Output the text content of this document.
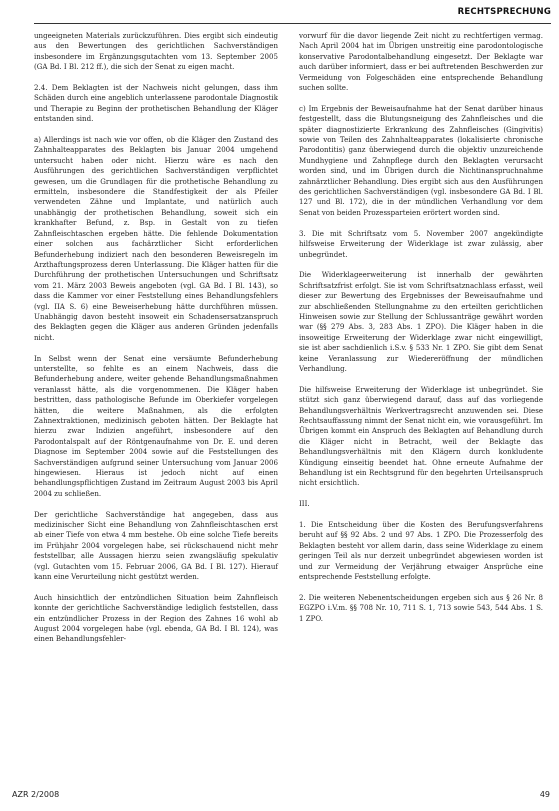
RECHTSPRECHUNG

ungeeigneten Materials zurückzuführen. Dies ergibt sich eindeutig aus den Bewertungen des gerichtlichen Sachverständigen insbesondere im Ergänzungsgutachten vom 13. September 2005 (GA Bd. I Bl. 212 ff.), die sich der Senat zu eigen macht.

2.4. Dem Beklagten ist der Nachweis nicht gelungen, dass ihm Schäden durch eine angeblich unterlassene parodontale Diagnostik und Therapie zu Beginn der prothetischen Behandlung der Kläger entstanden sind.

a) Allerdings ist nach wie vor offen, ob die Kläger den Zustand des Zahnhalteapparates des Beklagten bis Januar 2004 umgehend untersucht haben oder nicht. Hierzu wäre es nach den Ausführungen des gerichtlichen Sachverständigen verpflichtet gewesen, um die Grundlagen für die prothetische Behandlung zu ermitteln, insbesondere die Standfestigkeit der als Pfeiler verwendeten Zähne und Implantate, und natürlich auch unabhängig der prothetischen Behandlung, soweit sich ein krankhafter Befund, z. Bsp. in Gestalt von zu tiefen Zahnfleischtaschen ergeben hätte. Die fehlende Dokumentation einer solchen aus fachärztlicher Sicht erforderlichen Befunderhebung indiziert nach den besonderen Beweisregeln im Arzthaftungsprozess deren Unterlassung. Die Kläger hatten für die Durchführung der prothetischen Untersuchungen und Schriftsatz vom 21. März 2003 Beweis angeboten (vgl. GA Bd. I Bl. 143), so dass die Kammer vor einer Feststellung eines Behandlungsfehlers (vgl. IIA S. 6) eine Beweiserhebung hätte durchführen müssen. Unabhängig davon besteht insoweit ein Schadensersatzanspruch des Beklagten gegen die Kläger aus anderen Gründen jedenfalls nicht.

In Selbst wenn der Senat eine versäumte Befunderhebung unterstellte, so fehlte es an einem Nachweis, dass die Befunderhebung andere, weiter gehende Behandlungsmaßnahmen veranlasst hätte, als die vorgenommenen. Die Kläger haben bestritten, dass pathologische Befunde im Oberkiefer vorgelegen hätten, die weitere Maßnahmen, als die erfolgten Zahnextraktionen, medizinisch geboten hätten. Der Beklagte hat hierzu zwar Indizien angeführt, insbesondere auf den Parodontalspalt auf der Röntgenaufnahme von Dr. E. und deren Diagnose im September 2004 sowie auf die Feststellungen des Sachverständigen aufgrund seiner Untersuchung vom Januar 2006 hingewiesen. Hieraus ist jedoch nicht auf einen behandlungspflichtigen Zustand im Zeitraum August 2003 bis April 2004 zu schließen.

Der gerichtliche Sachverständige hat angegeben, dass aus medizinischer Sicht eine Behandlung von Zahnfleischtaschen erst ab einer Tiefe von etwa 4 mm bestehe. Ob eine solche Tiefe bereits im Frühjahr 2004 vorgelegen habe, sei rückschauend nicht mehr feststellbar, alle Aussagen hierzu seien zwangsläufig spekulativ (vgl. Gutachten vom 15. Februar 2006, GA Bd. I Bl. 127). Hierauf kann eine Verurteilung nicht gestützt werden.

Auch hinsichtlich der entzündlichen Situation beim Zahnfleisch konnte der gerichtliche Sachverständige lediglich feststellen, dass ein entzündlicher Prozess in der Region des Zahnes 16 wohl ab August 2004 vorgelegen habe (vgl. ebenda, GA Bd. I Bl. 124), was einen Behandlungsfehler-

vorwurf für die davor liegende Zeit nicht zu rechtfertigen vermag. Nach April 2004 hat im Übrigen unstreitig eine parodontologische konservative Parodontalbehandlung eingesetzt. Der Beklagte war auch darüber informiert, dass er bei auftretenden Beschwerden zur Vermeidung von Folgeschäden eine entsprechende Behandlung suchen sollte.

c) Im Ergebnis der Beweisaufnahme hat der Senat darüber hinaus festgestellt, dass die Blutungsneigung des Zahnfleisches und die später diagnostizierte Erkrankung des Zahnfleisches (Gingivitis) sowie von Teilen des Zahnhalteapparates (lokalisierte chronische Parodontitis) ganz überwiegend durch die objektiv unzureichende Mundhygiene und Zahnpflege durch den Beklagten verursacht worden sind, und im Übrigen durch die Nichtinanspruchnahme zahnärztlicher Behandlung. Dies ergibt sich aus den Ausführungen des gerichtlichen Sachverständigen (vgl. insbesondere GA Bd. I Bl. 127 und Bl. 172), die in der mündlichen Verhandlung vor dem Senat von beiden Prozessparteien erörtert worden sind.

3. Die mit Schriftsatz vom 5. November 2007 angekündigte hilfsweise Erweiterung der Widerklage ist zwar zulässig, aber unbegründet.

Die Widerklageerweiterung ist innerhalb der gewährten Schriftsatzfrist erfolgt. Sie ist vom Schriftsatznachlass erfasst, weil dieser zur Bewertung des Ergebnisses der Beweisaufnahme und zur abschließenden Stellungnahme zu den erteilten gerichtlichen Hinweisen sowie zur Stellung der Schlussanträge gewährt worden war (§§ 279 Abs. 3, 283 Abs. 1 ZPO). Die Kläger haben in die insoweitige Erweiterung der Widerklage zwar nicht eingewilligt, sie ist aber sachdienlich i.S.v. § 533 Nr. 1 ZPO. Sie gibt dem Senat keine Veranlassung zur Wiedereröffnung der mündlichen Verhandlung.

Die hilfsweise Erweiterung der Widerklage ist unbegründet. Sie stützt sich ganz überwiegend darauf, dass auf das vorliegende Behandlungsverhältnis Werkvertragsrecht anzuwenden sei. Diese Rechtsauffassung nimmt der Senat nicht ein, wie vorausgeführt. Im Übrigen kommt ein Anspruch des Beklagten auf Behandlung durch die Kläger nicht in Betracht, weil der Beklagte das Behandlungsverhältnis mit den Klägern durch konkludente Kündigung einseitig beendet hat. Ohne erneute Aufnahme der Behandlung ist ein Rechtsgrund für den begehrten Urteilsanspruch nicht ersichtlich.

III.

1. Die Entscheidung über die Kosten des Berufungsverfahrens beruht auf §§ 92 Abs. 2 und 97 Abs. 1 ZPO. Die Prozesserfolg des Beklagten besteht vor allem darin, dass seine Widerklage zu einem geringen Teil als nur derzeit unbegründet abgewiesen worden ist und zur Vermeidung der Verjährung etwaiger Ansprüche eine entsprechende Feststellung erfolgte.

2. Die weiteren Nebenentscheidungen ergeben sich aus § 26 Nr. 8 EGZPO i.V.m. §§ 708 Nr. 10, 711 S. 1, 713 sowie 543, 544 Abs. 1 S. 1 ZPO.

AZR 2/2008	49
